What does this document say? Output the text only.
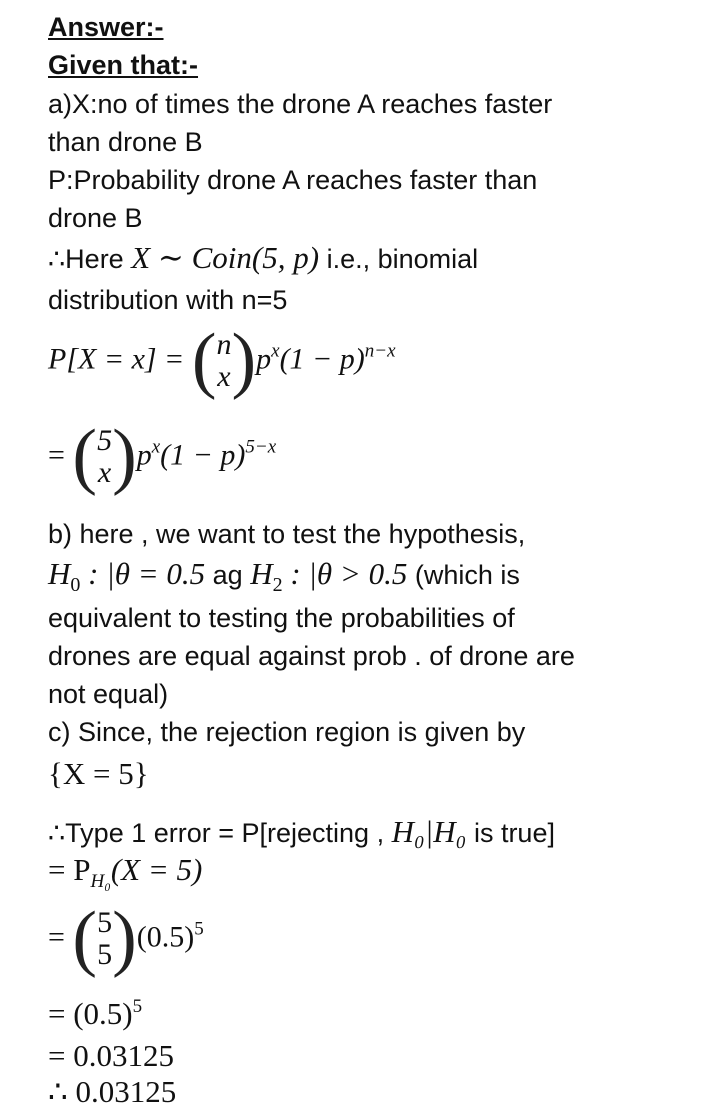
Answer:-
Given that:-
a)X:no of times the drone A reaches faster
than drone B
P:Probability drone A reaches faster than
drone B
∴Here X ∼ Coin(5, p) i.e., binomial
distribution with n=5
P[X = x] = ( n
x )$p^x(1 - p)^{n-x}$
= ( 5
x )$p^x(1 - p)^{5-x}$
b) here , we want to test the hypothesis,
$H_0$ : |θ = 0.5 ag $H_2$ : |θ > 0.5 (which is
equivalent to testing the probabilities of
drones are equal against prob . of drone are
not equal)
c) Since, the rejection region is given by
{X = 5}
∴Type 1 error = P[rejecting , H₀|H₀ is true]
= $P_{H_0}(X = 5)$
= ( 5
5 )$(0.5)^5$
= $(0.5)^5$
= 0.03125
∴ 0.03125
